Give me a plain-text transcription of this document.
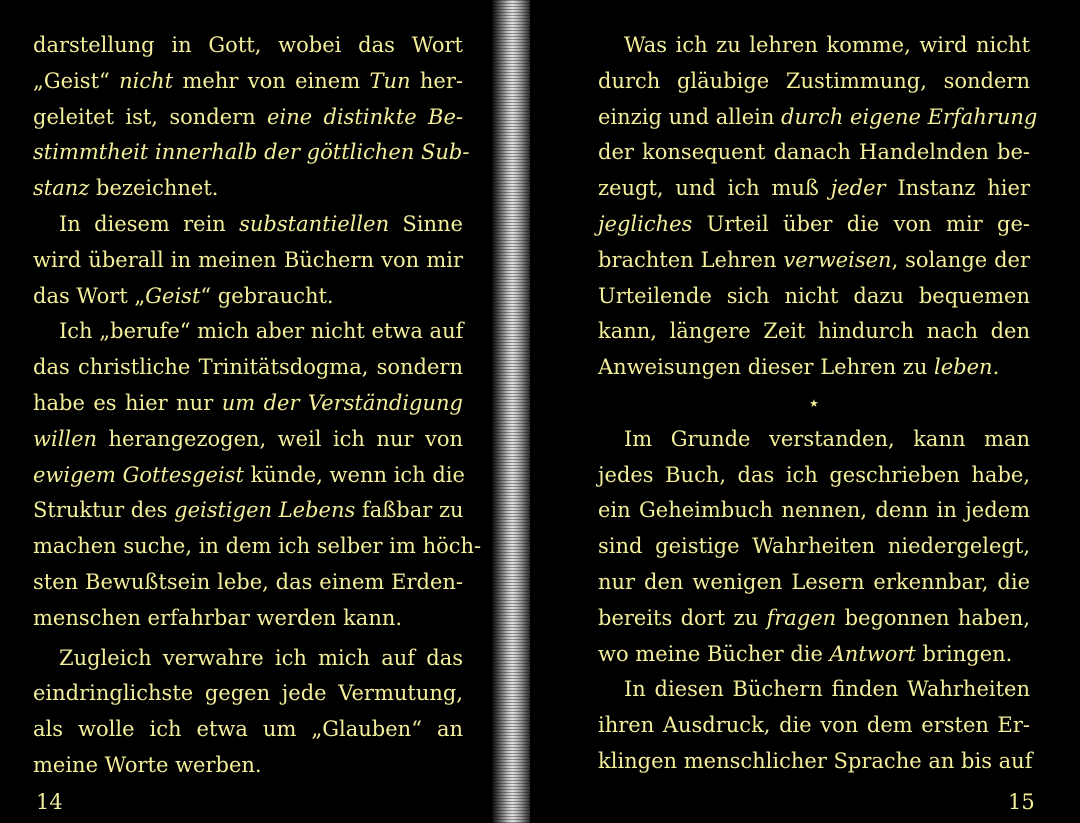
darstellung in Gott, wobei das Wort
„Geist“ nicht mehr von einem Tun her-
geleitet ist, sondern eine distinkte Be-
stimmtheit innerhalb der göttlichen Sub-
stanz bezeichnet.
In diesem rein substantiellen Sinne
wird überall in meinen Büchern von mir
das Wort „Geist“ gebraucht.
Ich „berufe“ mich aber nicht etwa auf
das christliche Trinitätsdogma, sondern
habe es hier nur um der Verständigung
willen herangezogen, weil ich nur von
ewigem Gottesgeist künde, wenn ich die
Struktur des geistigen Lebens faßbar zu
machen suche, in dem ich selber im höch-
sten Bewußtsein lebe, das einem Erden-
menschen erfahrbar werden kann.
Zugleich verwahre ich mich auf das
eindringlichste gegen jede Vermutung,
als wolle ich etwa um „Glauben“ an
meine Worte werben.
14
Was ich zu lehren komme, wird nicht
durch gläubige Zustimmung, sondern
einzig und allein durch eigene Erfahrung
der konsequent danach Handelnden be-
zeugt, und ich muß jeder Instanz hier
jegliches Urteil über die von mir ge-
brachten Lehren verweisen, solange der
Urteilende sich nicht dazu bequemen
kann, längere Zeit hindurch nach den
Anweisungen dieser Lehren zu leben.
⋆
Im Grunde verstanden, kann man
jedes Buch, das ich geschrieben habe,
ein Geheimbuch nennen, denn in jedem
sind geistige Wahrheiten niedergelegt,
nur den wenigen Lesern erkennbar, die
bereits dort zu fragen begonnen haben,
wo meine Bücher die Antwort bringen.
In diesen Büchern finden Wahrheiten
ihren Ausdruck, die von dem ersten Er-
klingen menschlicher Sprache an bis auf
15
